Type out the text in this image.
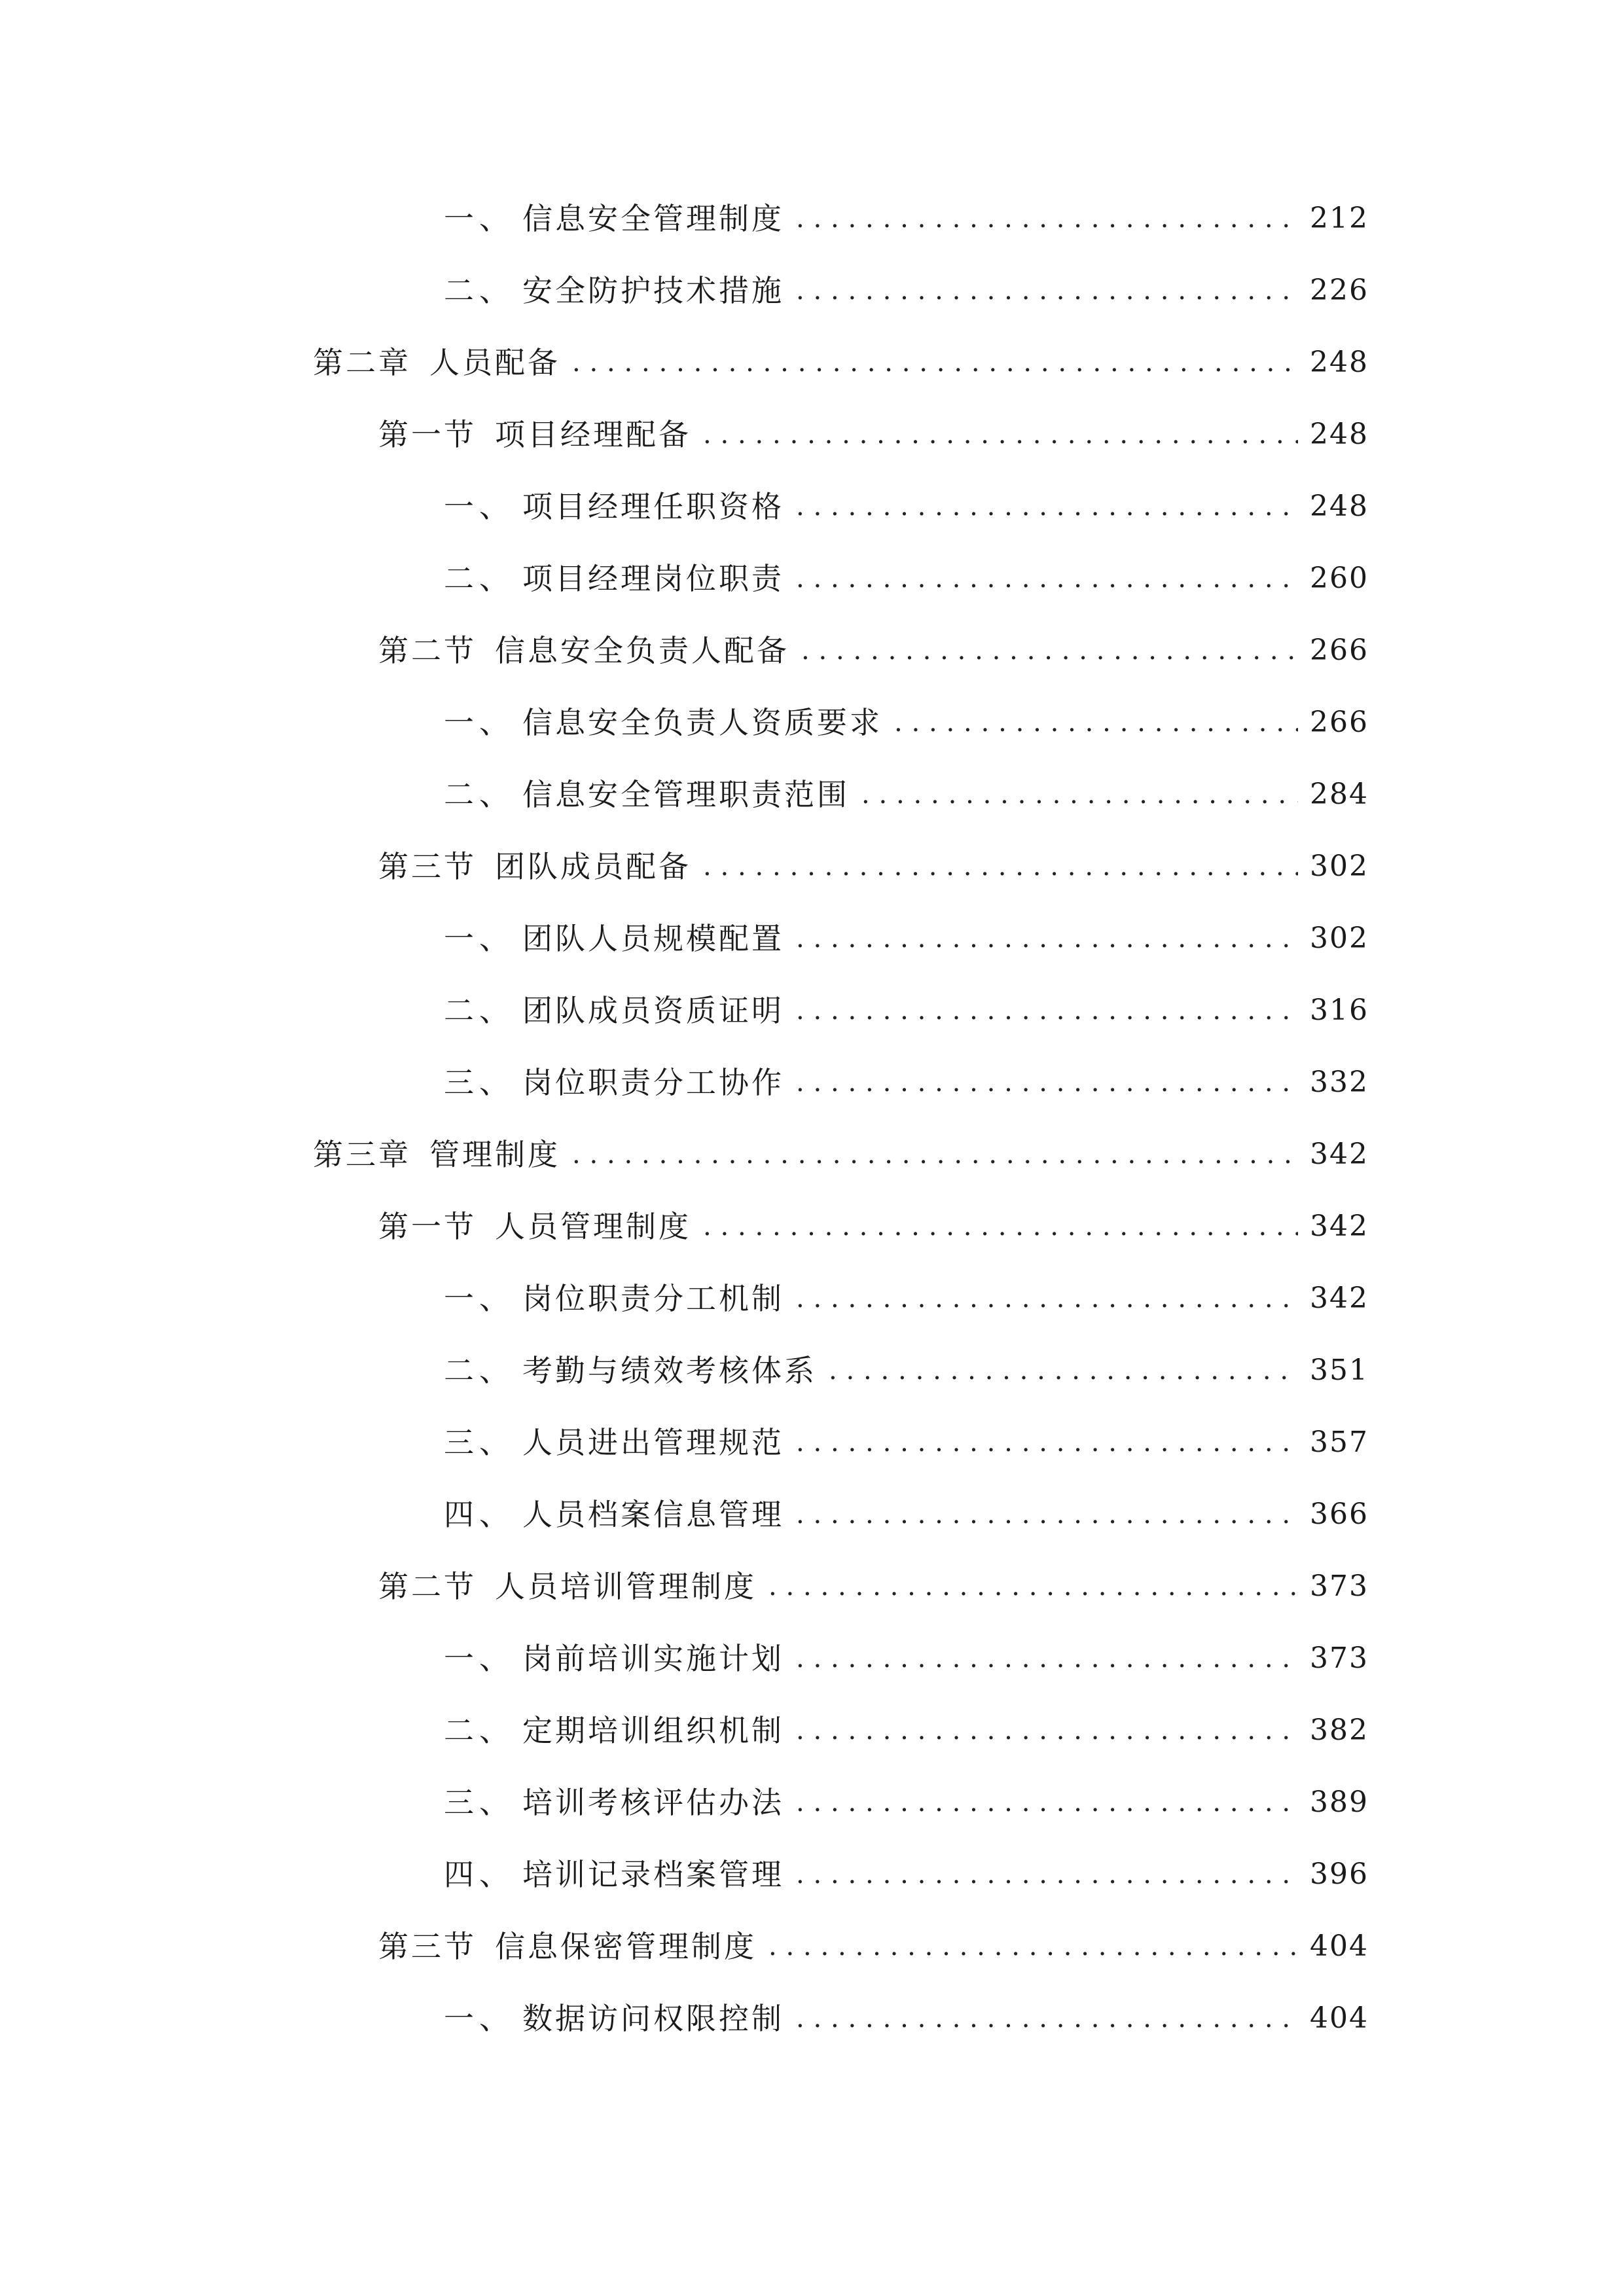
一、 信息安全管理制度 .....	212
二、 安全防护技术措施 .....	226
第二章 人员配备 .....	248
第一节 项目经理配备 .....	248
一、 项目经理任职资格 .....	248
二、 项目经理岗位职责 .....	260
第二节 信息安全负责人配备 .....	266
一、 信息安全负责人资质要求 .....	266
二、 信息安全管理职责范围 .....	284
第三节 团队成员配备 .....	302
一、 团队人员规模配置 .....	302
二、 团队成员资质证明 .....	316
三、 岗位职责分工协作 .....	332
第三章 管理制度 .....	342
第一节 人员管理制度 .....	342
一、 岗位职责分工机制 .....	342
二、 考勤与绩效考核体系 .....	351
三、 人员进出管理规范 .....	357
四、 人员档案信息管理 .....	366
第二节 人员培训管理制度 .....	373
一、 岗前培训实施计划 .....	373
二、 定期培训组织机制 .....	382
三、 培训考核评估办法 .....	389
四、 培训记录档案管理 .....	396
第三节 信息保密管理制度 .....	404
一、 数据访问权限控制 .....	404
